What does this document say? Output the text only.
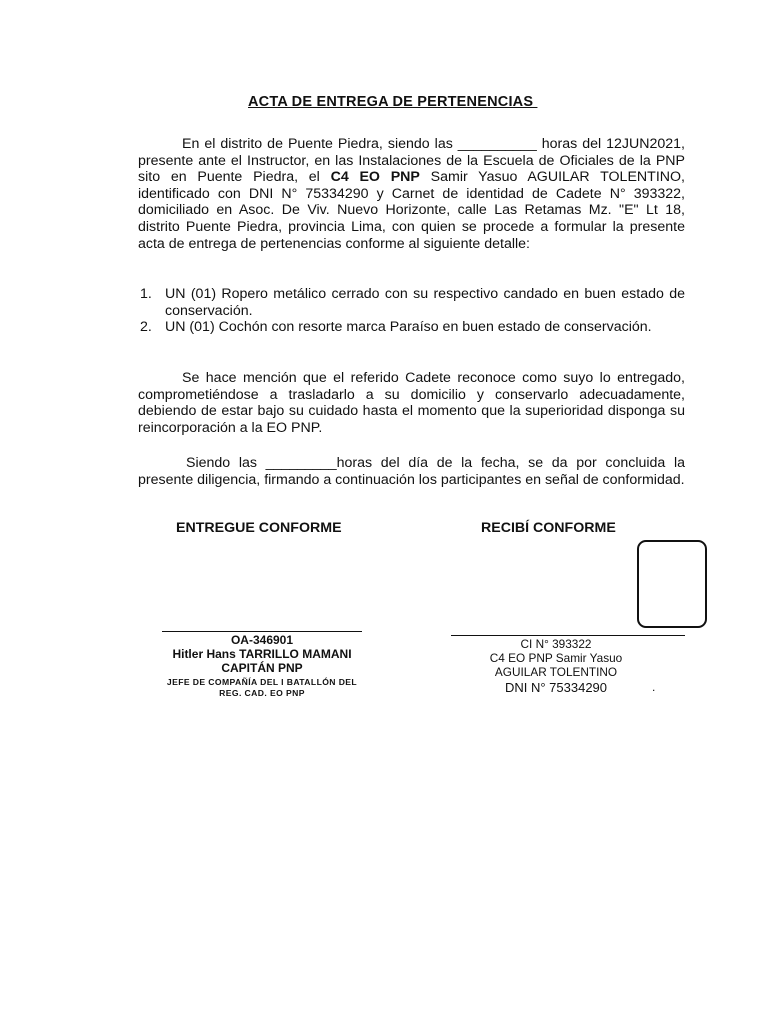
ACTA DE ENTREGA DE PERTENENCIAS

En el distrito de Puente Piedra, siendo las __________ horas del 12JUN2021, presente ante el Instructor, en las Instalaciones de la Escuela de Oficiales de la PNP sito en Puente Piedra, el C4 EO PNP Samir Yasuo AGUILAR TOLENTINO, identificado con DNI N° 75334290 y Carnet de identidad de Cadete N° 393322, domiciliado en Asoc. De Viv. Nuevo Horizonte, calle Las Retamas Mz. "E" Lt 18, distrito Puente Piedra, provincia Lima, con quien se procede a formular la presente acta de entrega de pertenencias conforme al siguiente detalle:

1. UN (01) Ropero metálico cerrado con su respectivo candado en buen estado de conservación.
2. UN (01) Cochón con resorte marca Paraíso en buen estado de conservación.

Se hace mención que el referido Cadete reconoce como suyo lo entregado, comprometiéndose a trasladarlo a su domicilio y conservarlo adecuadamente, debiendo de estar bajo su cuidado hasta el momento que la superioridad disponga su reincorporación a la EO PNP.

Siendo las _________horas del día de la fecha, se da por concluida la presente diligencia, firmando a continuación los participantes en señal de conformidad.

ENTREGUE CONFORME	RECIBÍ CONFORME
OA-346901
Hitler Hans TARRILLO MAMANI
CAPITÁN PNP
JEFE DE COMPAÑÍA DEL I BATALLÓN DEL
REG. CAD. EO PNP
CI N° 393322
C4 EO PNP Samir Yasuo
AGUILAR TOLENTINO
DNI N° 75334290	.
